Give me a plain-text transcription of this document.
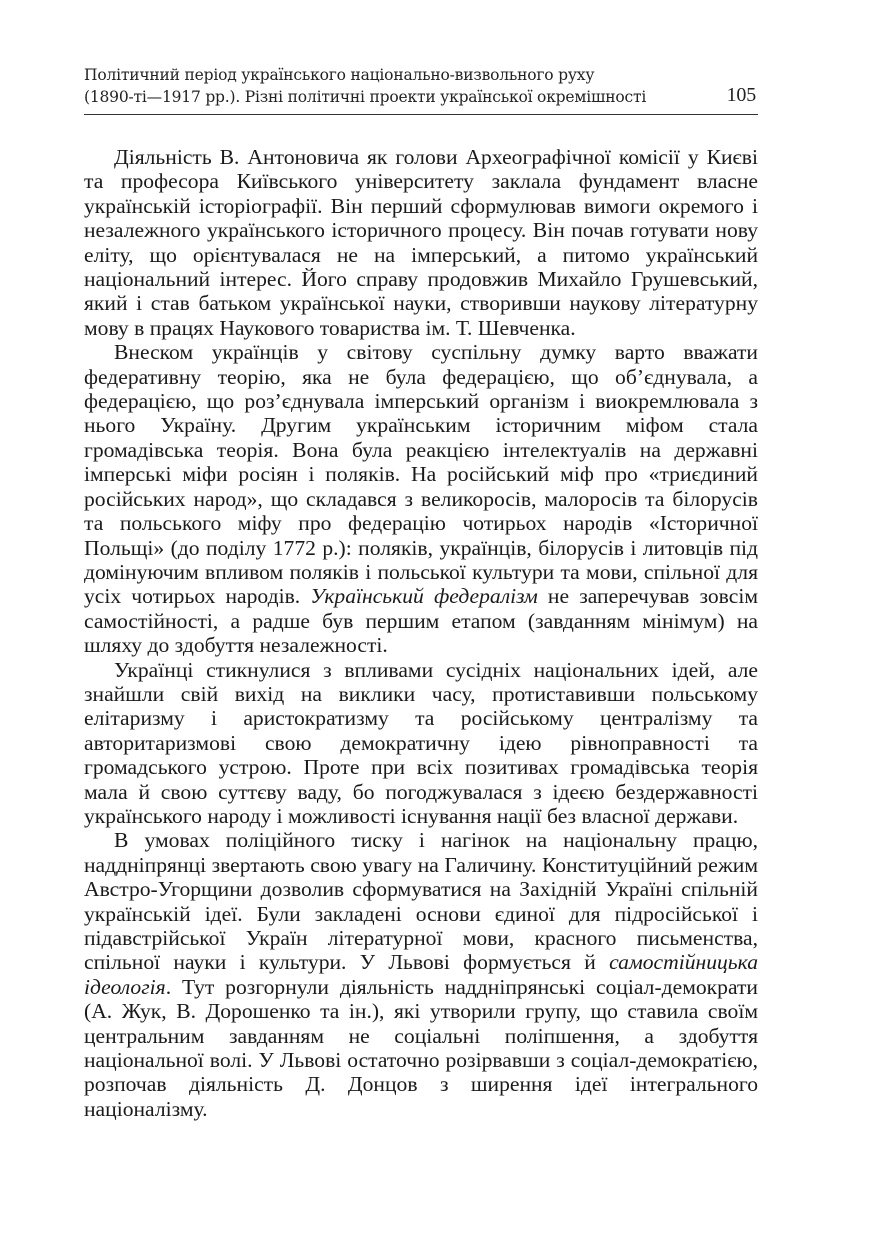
Політичний період українського національно-визвольного руху
(1890-ті—1917 рр.). Різні політичні проекти української окремішності	105

Діяльність В. Антоновича як голови Археографічної комісії у Києві та професора Київського університету заклала фундамент власне українській історіографії. Він перший сформулював вимоги окремого і незалежного українського історичного процесу. Він почав готувати нову еліту, що орієнтувалася не на імперський, а питомо український національний інтерес. Його справу продовжив Михайло Грушевський, який і став батьком української науки, створивши наукову літературну мову в працях Наукового товариства ім. Т. Шевченка.

Внеском українців у світову суспільну думку варто вважати федеративну теорію, яка не була федерацією, що об’єднувала, а федерацією, що роз’єднувала імперський організм і виокремлювала з нього Україну. Другим українським історичним міфом стала громадівська теорія. Вона була реакцією інтелектуалів на державні імперські міфи росіян і поляків. На російський міф про «триєдиний російських народ», що складався з великоросів, малоросів та білорусів та польського міфу про федерацію чотирьох народів «Історичної Польщі» (до поділу 1772 р.): поляків, українців, білорусів і литовців під домінуючим впливом поляків і польської культури та мови, спільної для усіх чотирьох народів. Український федералізм не заперечував зовсім самостійності, а радше був першим етапом (завданням мінімум) на шляху до здобуття незалежності.

Українці стикнулися з впливами сусідніх національних ідей, але знайшли свій вихід на виклики часу, протиставивши польському елітаризму і аристократизму та російському централізму та авторитаризмові свою демократичну ідею рівноправності та громадського устрою. Проте при всіх позитивах громадівська теорія мала й свою суттєву ваду, бо погоджувалася з ідеєю бездержавності українського народу і можливості існування нації без власної держави.

В умовах поліційного тиску і нагінок на національну працю, наддніпрянці звертають свою увагу на Галичину. Конституційний режим Австро-Угорщини дозволив сформуватися на Західній Україні спільній українській ідеї. Були закладені основи єдиної для підросійської і підавстрійської Україн літературної мови, красного письменства, спільної науки і культури. У Львові формується й самостійницька ідеологія. Тут розгорнули діяльність наддніпрянські соціал-демократи (А. Жук, В. Дорошенко та ін.), які утворили групу, що ставила своїм центральним завданням не соціальні поліпшення, а здобуття національної волі. У Львові остаточно розірвавши з соціал-демократією, розпочав діяльність Д. Донцов з ширення ідеї інтегрального націоналізму.
